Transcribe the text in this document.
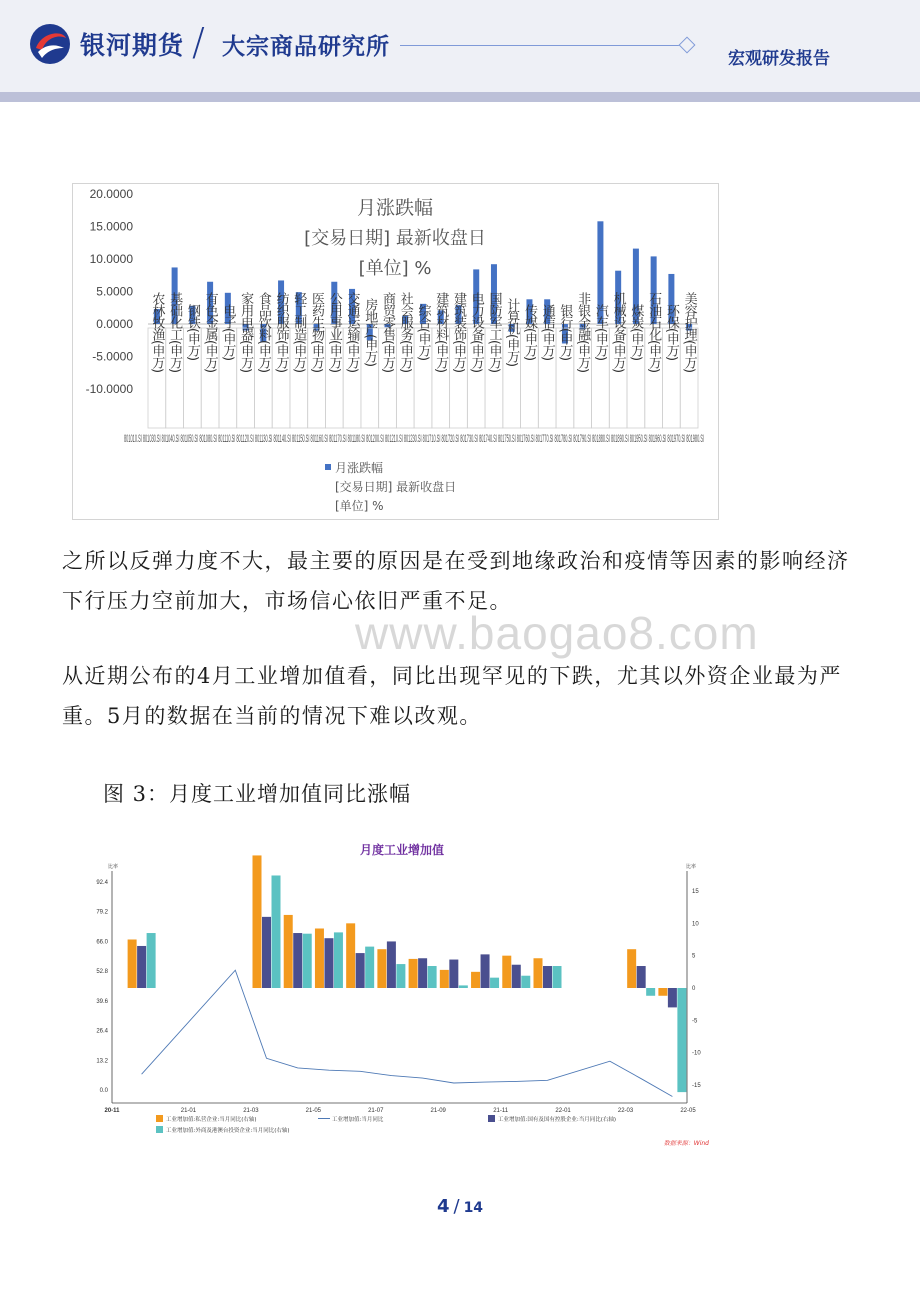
银河期货 / 大宗商品研究所	宏观研发报告
20.0000
15.0000
10.0000
5.0000
0.0000
-5.0000
-10.0000
农林牧渔(申万) 基础化工(申万) 钢铁(申万) 有色金属(申万) 电子(申万) 家用电器(申万) 食品饮料(申万) 纺织服饰(申万) 轻工制造(申万) 医药生物(申万) 公用事业(申万) 交通运输(申万) 房地产(申万) 商贸零售(申万) 社会服务(申万) 综合(申万) 建筑材料(申万) 建筑装饰(申万) 电力设备(申万) 国防军工(申万) 计算机(申万) 传媒(申万) 通信(申万) 银行(申万) 非银金融(申万) 汽车(申万) 机械设备(申万) 煤炭(申万) 石油石化(申万) 环保(申万) 美容护理(申万)
801010.SI 801030.SI 801040.SI 801050.SI 801080.SI 801110.SI 801120.SI 801130.SI 801140.SI 801150.SI 801160.SI 801170.SI 801180.SI 801200.SI 801210.SI 801230.SI 801710.SI 801720.SI 801730.SI 801740.SI 801750.SI 801760.SI 801770.SI 801780.SI 801790.SI 801880.SI 801890.SI 801950.SI 801960.SI 801970.SI 801980.SI
月涨跌幅
[交易日期] 最新收盘日
[单位] %
月涨跌幅
[交易日期] 最新收盘日
[单位] %
之所以反弹力度不大，最主要的原因是在受到地缘政治和疫情等因素的影响经济下行压力空前加大，市场信心依旧严重不足。
www.baogao8.com
从近期公布的4月工业增加值看，同比出现罕见的下跌，尤其以外资企业最为严重。5月的数据在当前的情况下难以改观。
图 3：月度工业增加值同比涨幅
月度工业增加值
比率	比率
92.4
79.2
66.0
52.8
39.6
26.4
13.2
0.0
15
10
5
0
-5
-10
-15
20-11	21-01	21-03	21-05	21-07	21-09	21-11	22-01	22-03	22-05
工业增加值:私营企业:当月同比(右轴)	工业增加值:当月同比	工业增加值:国有及国有控股企业:当月同比(右轴)
工业增加值:外商及港澳台投资企业:当月同比(右轴)
数据来源：Wind
4 / 14
